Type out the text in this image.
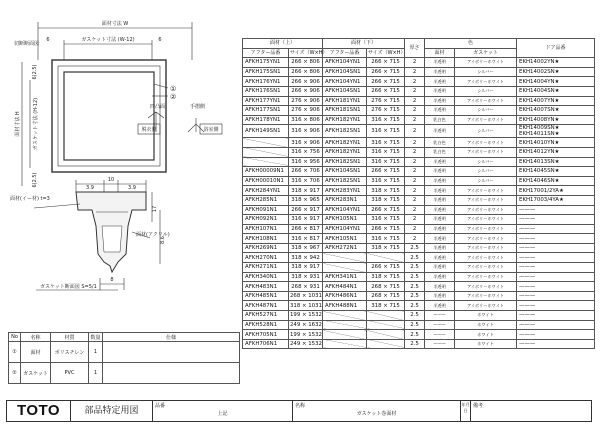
面材寸法 W
ガスケット寸法 (W-12)
6	6
切断断面図
面材寸法 H ガスケット寸法 (H-12)
6(2.5)
6(2.5)
①
②
四凸面	手摺側
脱衣側	浴室側
10
3.9	3.9
17
8.6
8
面材(イー材) t=3
面材(アクリル)
ガスケット断面図 S=5/1
No	名称	材質	数量	仕様
①	面材	ポリスチレン	1	
②	ガスケット	PVC	1	
面材（上）		面材（下）		厚さ	色		ドア品番
アフター品番	サイズ（W×H）	アフター品番	サイズ（W×H）		面材	ガスケット	
AFKH175YN1	266 × 806	AFKH104YN1	266 × 715	2	半透明	アイボリーホワイト	EKH14002YN★
AFKH175SN1	266 × 806	AFKH104SN1	266 × 715	2	半透明	シルバー	EKH14002SN★
AFKH176YN1	266 × 906	AFKH104YN1	266 × 715	2	半透明	アイボリーホワイト	EKH14004YN★
AFKH176SN1	266 × 906	AFKH104SN1	266 × 715	2	半透明	シルバー	EKH14004SN★
AFKH177YN1	276 × 906	AFKH181YN1	276 × 715	2	半透明	アイボリーホワイト	EKH14007YN★
AFKH177SN1	276 × 906	AFKH181SN1	276 × 715	2	半透明	シルバー	EKH14007SN★
AFKH178YN1	316 × 806	AFKH182YN1	316 × 715	2	乳白色	アイボリーホワイト	EKH14008YN★
AFKH149SN1	316 × 906	AFKH182SN1	316 × 715	2	半透明	シルバー	EKH14009SN★
EKH14011SN★

	316 × 906	AFKH182YN1	316 × 715	2	乳白色	アイボリーホワイト	EKH14010YN★
	316 × 756	AFKH182YN1	316 × 715	2	乳白色	アイボリーホワイト	EKH14012YN★
	316 × 956	AFKH182SN1	316 × 715	2	半透明	シルバー	EKH14013SN★
AFKH00009N1	266 × 706	AFKH104SN1	266 × 715	2	半透明	シルバー	EKH14045SN★
AFKH00010N1	316 × 706	AFKH182SN1	316 × 715	2	半透明	シルバー	EKH14046SN★
AFKH284YN1	318 × 917	AFKH283YN1	318 × 715	2	半透明	アイボリーホワイト	EKH17001/2YA★
AFKH285N1	318 × 965	AFKH283N1	318 × 715	2	半透明	アイボリーホワイト	EKH17003/4YA★
AFKH091N1	266 × 917	AFKH104YN1	266 × 715	2	半透明	アイボリーホワイト	———
AFKH092N1	316 × 917	AFKH105N1	316 × 715	2	半透明	アイボリーホワイト	———
AFKH107N1	266 × 817	AFKH104YN1	266 × 715	2	半透明	アイボリーホワイト	———
AFKH108N1	316 × 817	AFKH105N1	316 × 715	2	半透明	アイボリーホワイト	———
AFKH269N1	318 × 967	AFKH272N1	318 × 715	2.5	半透明	アイボリーホワイト	———
AFKH270N1	318 × 942			2.5	半透明	アイボリーホワイト	———
AFKH271N1	318 × 917		266 × 715	2.5	半透明	アイボリーホワイト	———
AFKH340N1	318 × 931	AFKH341N1	318 × 715	2.5	半透明	アイボリーホワイト	———
AFKH483N1	268 × 931	AFKH484N1	268 × 715	2.5	半透明	アイボリーホワイト	———
AFKH485N1	268 × 1031	AFKH486N1	268 × 715	2.5	半透明	アイボリーホワイト	———
AFKH487N1	318 × 1031	AFKH488N1	318 × 715	2.5	半透明	アイボリーホワイト	———
AFKH527N1	199 × 1532			2.5	———	ホワイト	———
AFKH528N1	249 × 1632			2.5	———	ホワイト	———
AFKH705N1	199 × 1532			2.5	———	ホワイト	———
AFKH706N1	249 × 1532			2.5	———	ホワイト	———
TOTO	部品特定用図	品番
上記
名称
ガスケット巻面材
年月日
備考
